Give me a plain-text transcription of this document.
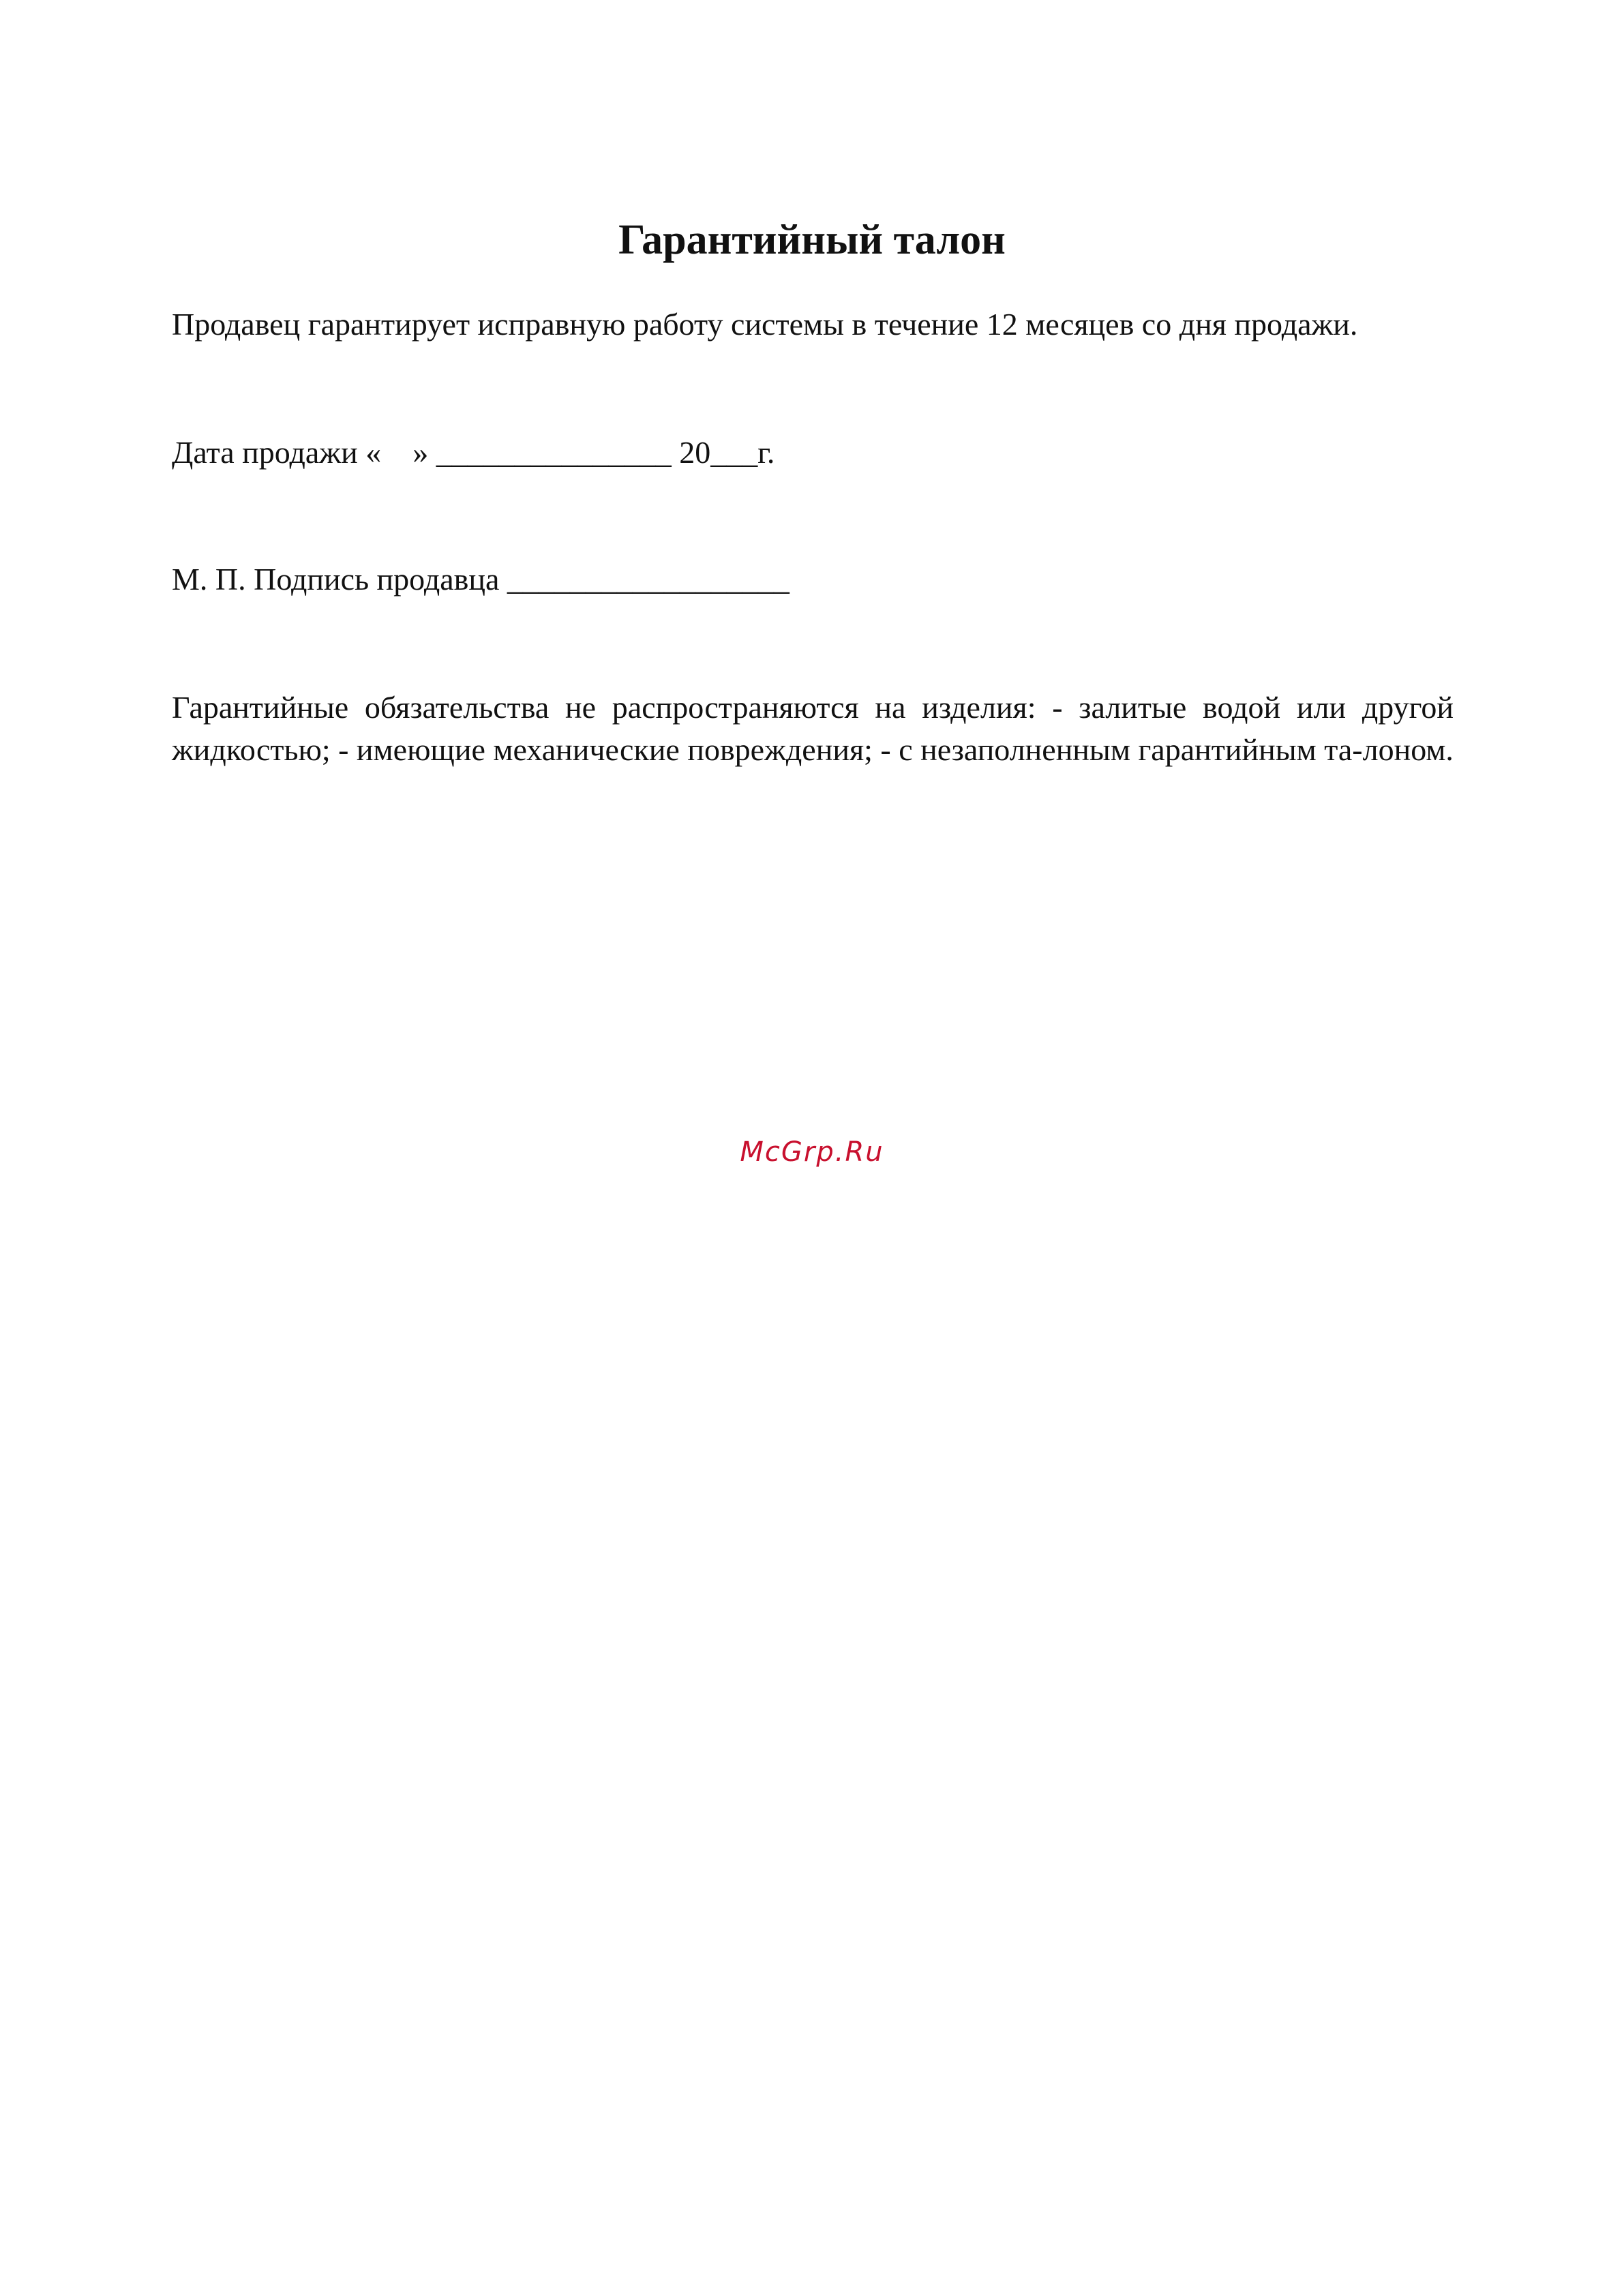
Гарантийный талон

Продавец гарантирует исправную работу системы в течение 12 месяцев со дня продажи.

Дата продажи «    » _______________ 20___г.

М. П. Подпись продавца __________________

Гарантийные обязательства не распространяются на изделия: - залитые водой или другой жидкостью; - имеющие механические повреждения; - с незаполненным гарантийным та-лоном.

McGrp.Ru
